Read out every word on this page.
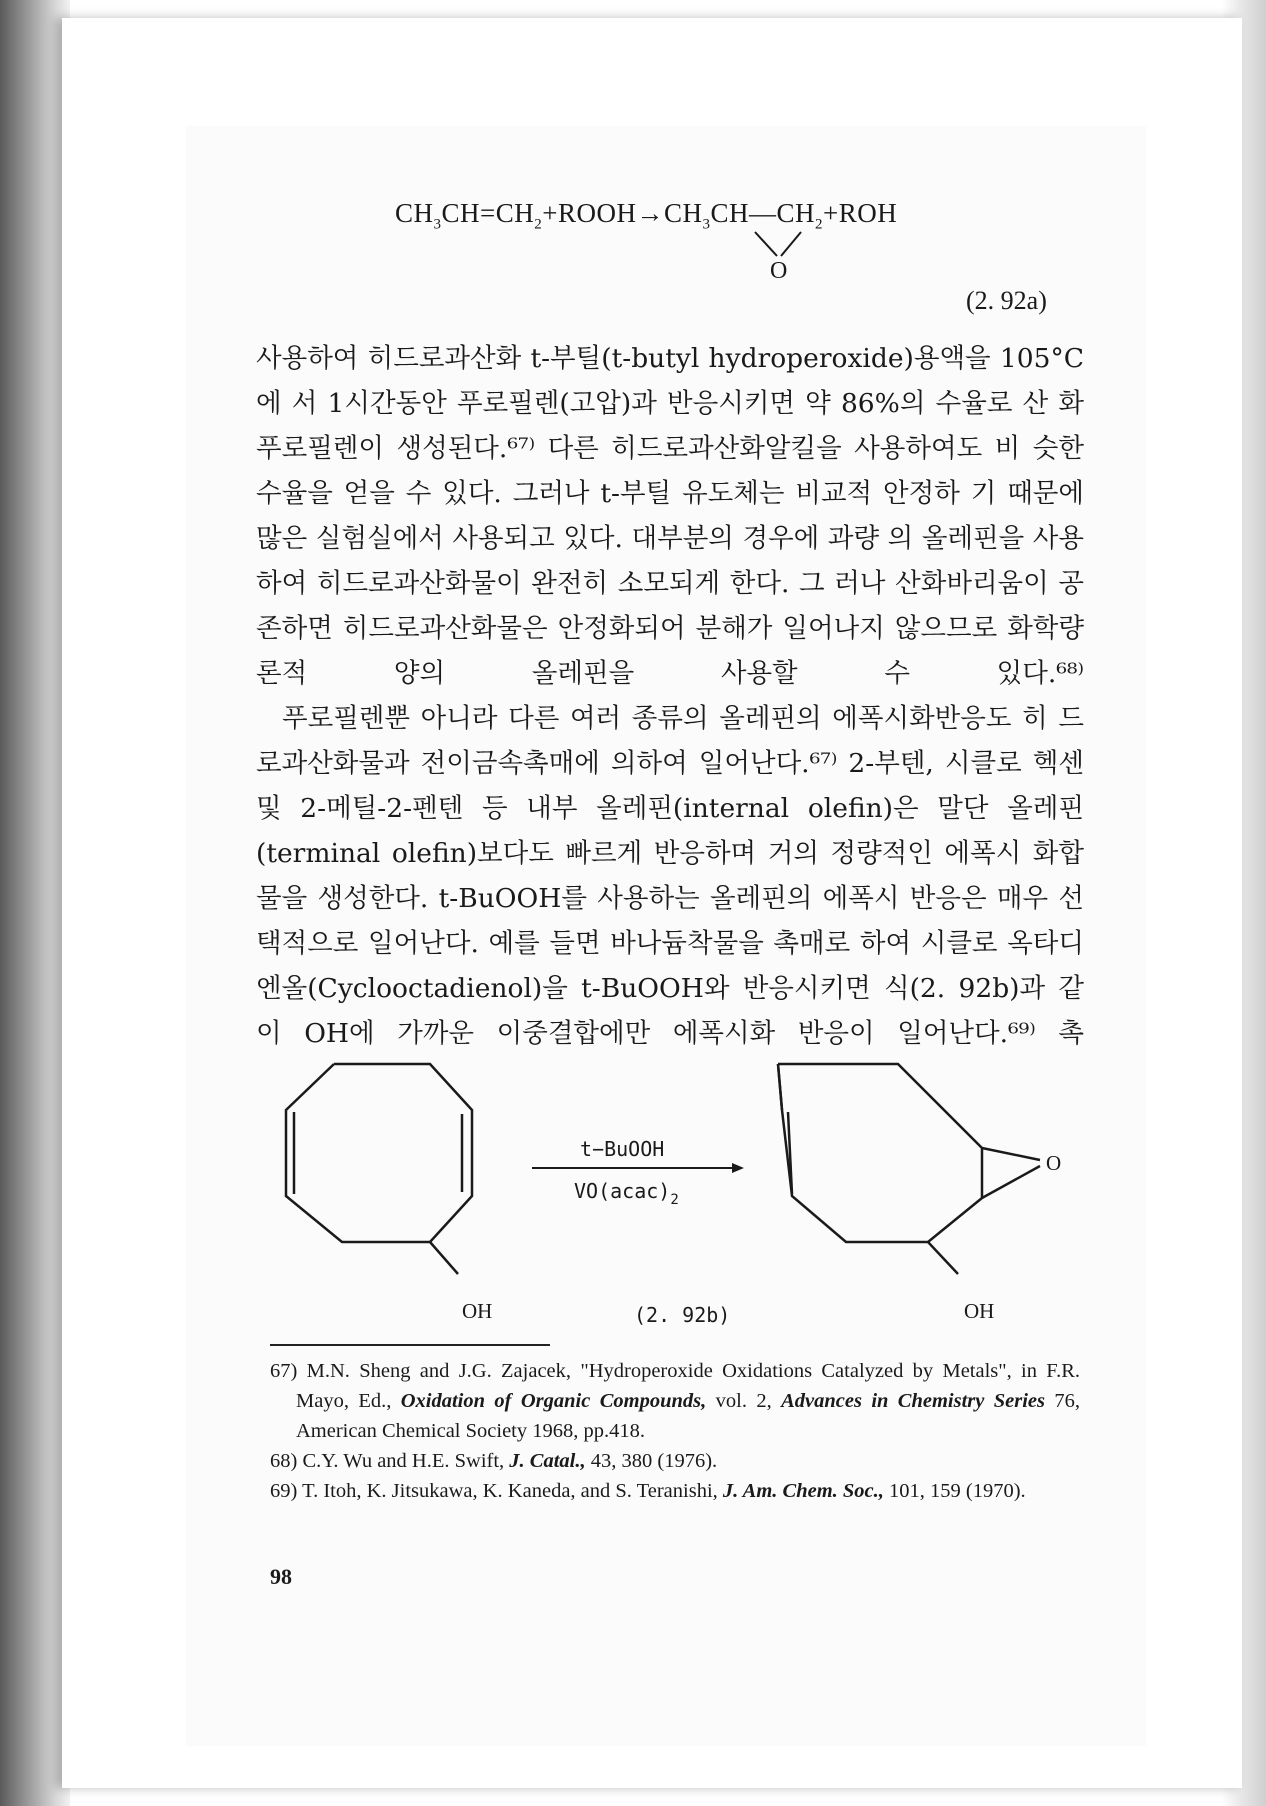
$CH_3CH=CH_2+ROOH\to CH_3CH—CH_2+ROH$
O
(2. 92a)

사용하여 히드로과산화 t-부틸(t-butyl hydroperoxide)용액을 105°C에 서 1시간동안 푸로필렌(고압)과 반응시키면 약 86%의 수율로 산 화푸로필렌이 생성된다.⁶⁷⁾ 다른 히드로과산화알킬을 사용하여도 비 슷한 수율을 얻을 수 있다. 그러나 t-부틸 유도체는 비교적 안정하 기 때문에 많은 실험실에서 사용되고 있다. 대부분의 경우에 과량 의 올레핀을 사용하여 히드로과산화물이 완전히 소모되게 한다. 그 러나 산화바리움이 공존하면 히드로과산화물은 안정화되어 분해가 일어나지 않으므로 화학량론적 양의 올레핀을 사용할 수 있다.⁶⁸⁾

푸로필렌뿐 아니라 다른 여러 종류의 올레핀의 에폭시화반응도 히 드로과산화물과 전이금속촉매에 의하여 일어난다.⁶⁷⁾ 2-부텐, 시클로 헥센 및 2-메틸-2-펜텐 등 내부 올레핀(internal olefin)은 말단 올레핀 (terminal olefin)보다도 빠르게 반응하며 거의 정량적인 에폭시 화합 물을 생성한다. t-BuOOH를 사용하는 올레핀의 에폭시 반응은 매우 선택적으로 일어난다. 예를 들면 바나듐착물을 촉매로 하여 시클로 옥타디엔올(Cyclooctadienol)을 t-BuOOH와 반응시키면 식(2. 92b)과 같이 OH에 가까운 이중결합에만 에폭시화 반응이 일어난다.⁶⁹⁾ 촉

OH
t−BuOOH
$VO(acac)_2$
(2. 92b)
O
OH
67) M.N. Sheng and J.G. Zajacek, "Hydroperoxide Oxidations Catalyzed by Metals", in F.R. Mayo, Ed., Oxidation of Organic Compounds, vol. 2, Advances in Chemistry Series 76, American Chemical Society 1968, pp.418.
68) C.Y. Wu and H.E. Swift, J. Catal., 43, 380 (1976).
69) T. Itoh, K. Jitsukawa, K. Kaneda, and S. Teranishi, J. Am. Chem. Soc., 101, 159 (1970).
98
